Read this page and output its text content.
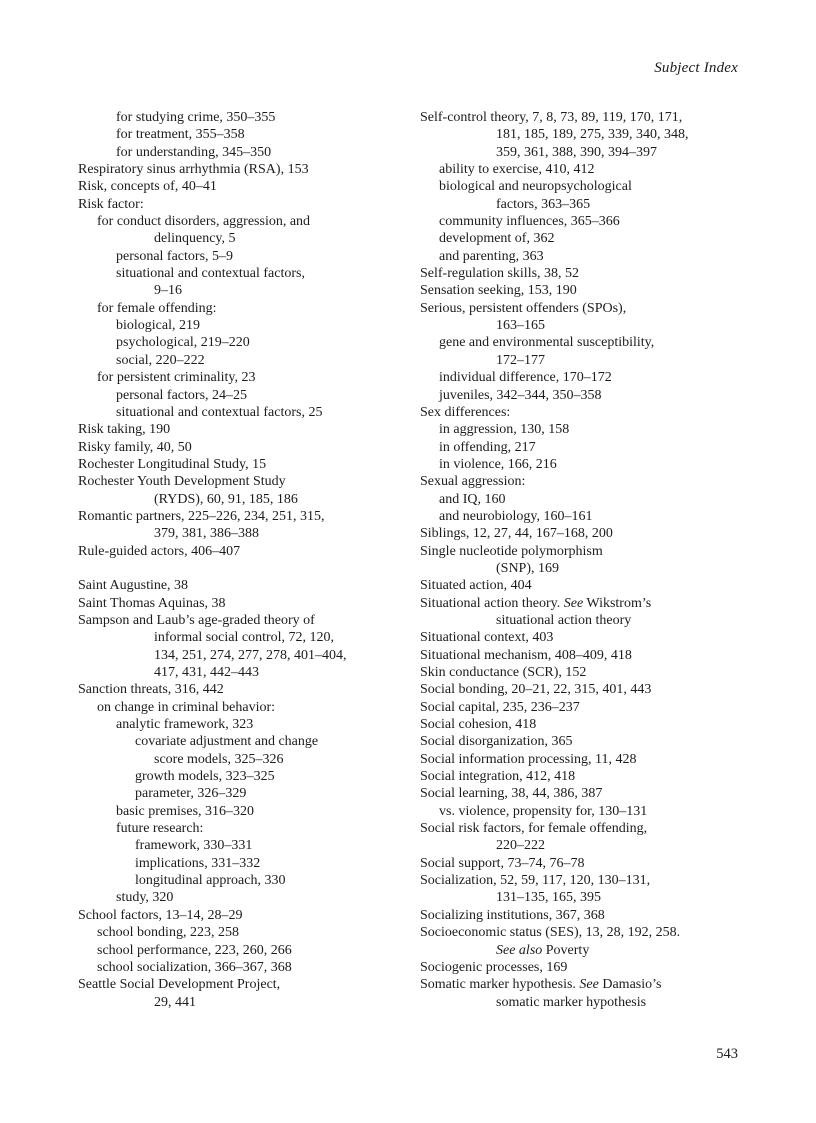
Subject Index
for studying crime, 350–355
for treatment, 355–358
for understanding, 345–350
Respiratory sinus arrhythmia (RSA), 153
Risk, concepts of, 40–41
Risk factor:
for conduct disorders, aggression, and
delinquency, 5
personal factors, 5–9
situational and contextual factors,
9–16
for female offending:
biological, 219
psychological, 219–220
social, 220–222
for persistent criminality, 23
personal factors, 24–25
situational and contextual factors, 25
Risk taking, 190
Risky family, 40, 50
Rochester Longitudinal Study, 15
Rochester Youth Development Study
(RYDS), 60, 91, 185, 186
Romantic partners, 225–226, 234, 251, 315,
379, 381, 386–388
Rule-guided actors, 406–407
Saint Augustine, 38
Saint Thomas Aquinas, 38
Sampson and Laub’s age-graded theory of
informal social control, 72, 120,
134, 251, 274, 277, 278, 401–404,
417, 431, 442–443
Sanction threats, 316, 442
on change in criminal behavior:
analytic framework, 323
covariate adjustment and change
score models, 325–326
growth models, 323–325
parameter, 326–329
basic premises, 316–320
future research:
framework, 330–331
implications, 331–332
longitudinal approach, 330
study, 320
School factors, 13–14, 28–29
school bonding, 223, 258
school performance, 223, 260, 266
school socialization, 366–367, 368
Seattle Social Development Project,
29, 441
Self-control theory, 7, 8, 73, 89, 119, 170, 171,
181, 185, 189, 275, 339, 340, 348,
359, 361, 388, 390, 394–397
ability to exercise, 410, 412
biological and neuropsychological
factors, 363–365
community influences, 365–366
development of, 362
and parenting, 363
Self-regulation skills, 38, 52
Sensation seeking, 153, 190
Serious, persistent offenders (SPOs),
163–165
gene and environmental susceptibility,
172–177
individual difference, 170–172
juveniles, 342–344, 350–358
Sex differences:
in aggression, 130, 158
in offending, 217
in violence, 166, 216
Sexual aggression:
and IQ, 160
and neurobiology, 160–161
Siblings, 12, 27, 44, 167–168, 200
Single nucleotide polymorphism
(SNP), 169
Situated action, 404
Situational action theory. See Wikstrom’s
situational action theory
Situational context, 403
Situational mechanism, 408–409, 418
Skin conductance (SCR), 152
Social bonding, 20–21, 22, 315, 401, 443
Social capital, 235, 236–237
Social cohesion, 418
Social disorganization, 365
Social information processing, 11, 428
Social integration, 412, 418
Social learning, 38, 44, 386, 387
vs. violence, propensity for, 130–131
Social risk factors, for female offending,
220–222
Social support, 73–74, 76–78
Socialization, 52, 59, 117, 120, 130–131,
131–135, 165, 395
Socializing institutions, 367, 368
Socioeconomic status (SES), 13, 28, 192, 258.
See also Poverty
Sociogenic processes, 169
Somatic marker hypothesis. See Damasio’s
somatic marker hypothesis
543
